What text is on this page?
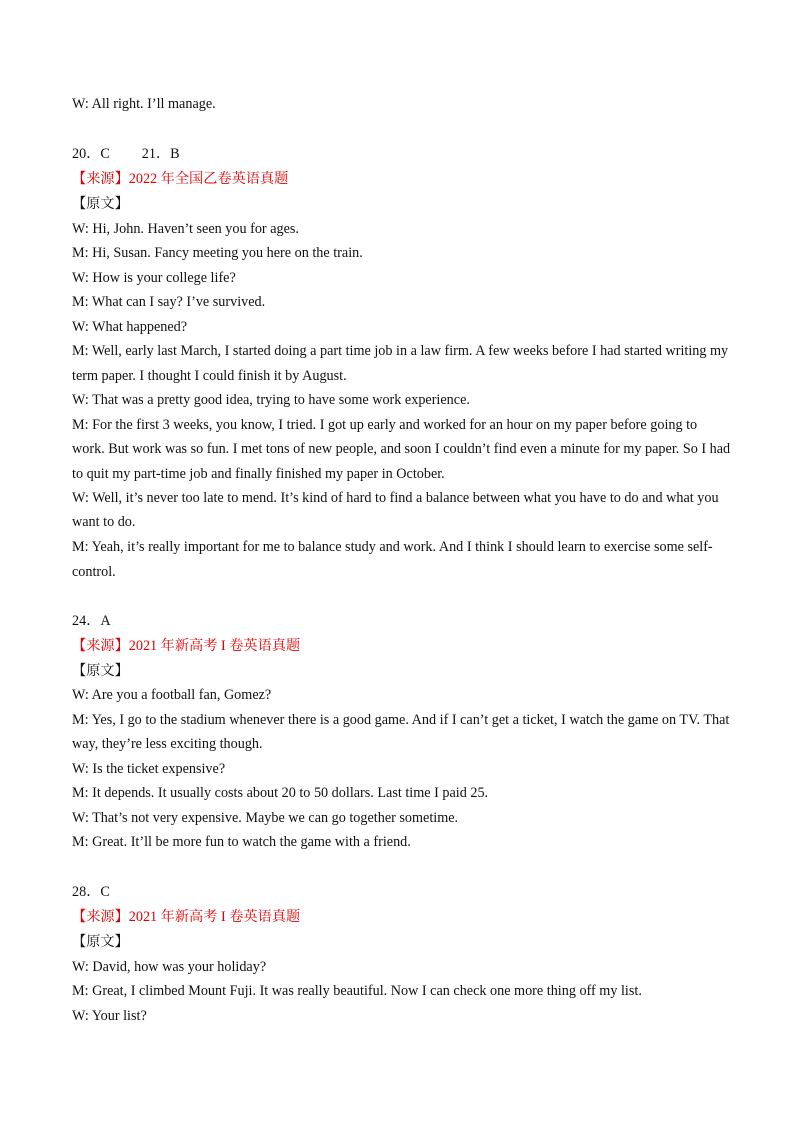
W: All right. I’ll manage.
20．C　　 21．B
【来源】2022 年全国乙卷英语真题
【原文】
W: Hi, John. Haven’t seen you for ages.
M: Hi, Susan. Fancy meeting you here on the train.
W: How is your college life?
M: What can I say? I’ve survived.
W: What happened?
M: Well, early last March, I started doing a part time job in a law firm. A few weeks before I had started writing my
term paper. I thought I could finish it by August.
W: That was a pretty good idea, trying to have some work experience.
M: For the first 3 weeks, you know, I tried. I got up early and worked for an hour on my paper before going to
work. But work was so fun. I met tons of new people, and soon I couldn’t find even a minute for my paper. So I had
to quit my part-time job and finally finished my paper in October.
W: Well, it’s never too late to mend. It’s kind of hard to find a balance between what you have to do and what you
want to do.
M: Yeah, it’s really important for me to balance study and work. And I think I should learn to exercise some self-
control.
24．A
【来源】2021 年新高考 I 卷英语真题
【原文】
W: Are you a football fan, Gomez?
M: Yes, I go to the stadium whenever there is a good game. And if I can’t get a ticket, I watch the game on TV. That
way, they’re less exciting though.
W: Is the ticket expensive?
M: It depends. It usually costs about 20 to 50 dollars. Last time I paid 25.
W: That’s not very expensive. Maybe we can go together sometime.
M: Great. It’ll be more fun to watch the game with a friend.
28．C
【来源】2021 年新高考 I 卷英语真题
【原文】
W: David, how was your holiday?
M: Great, I climbed Mount Fuji. It was really beautiful. Now I can check one more thing off my list.
W: Your list?
